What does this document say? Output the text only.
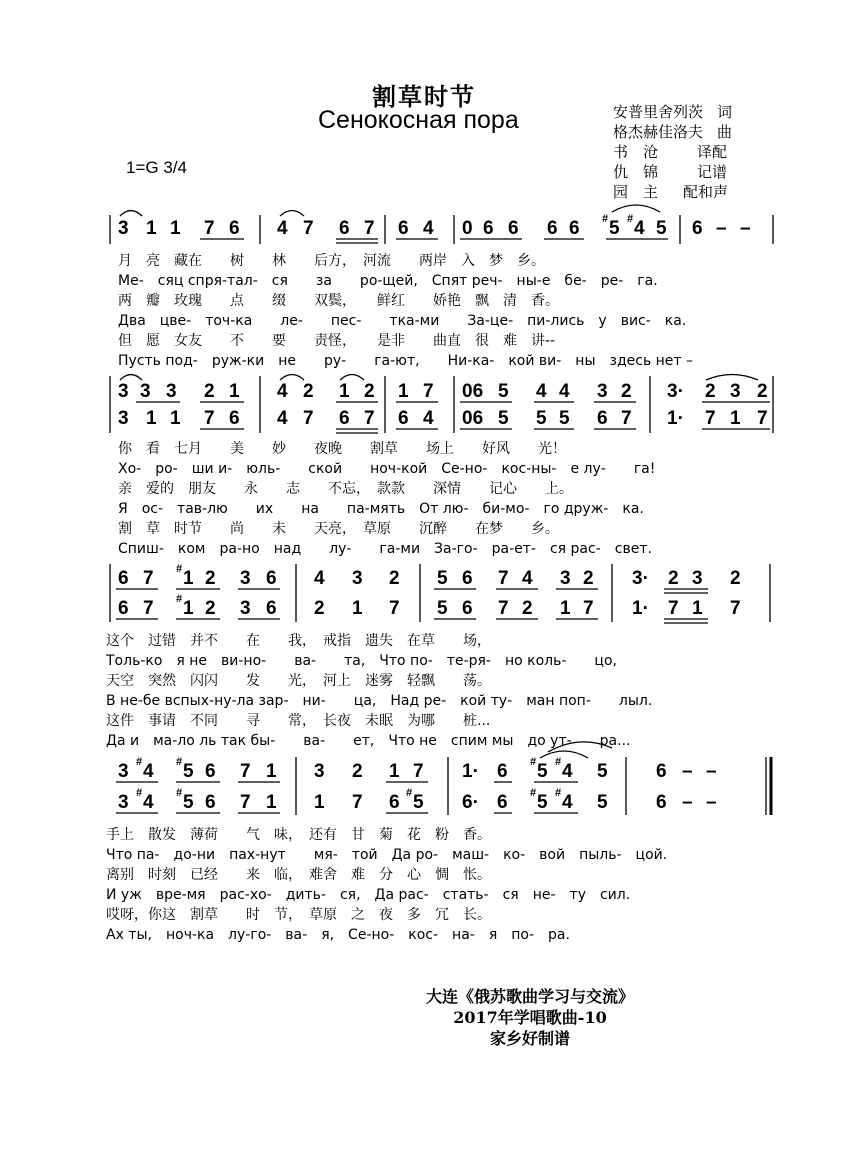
割草时节
Сенокосная пора	安普里舍列茨 词
格杰赫佳洛夫 曲
书　沧	译配
仇　锦	记谱
园　主 配和声
1=G 3/4
3 1 1 7 6 4 7 6 7 6 4 0 6 6 6 6 # 5 # 4 5 6 – –
3 3 3 2 1 4 2 1 2 1 7 06 5 4 4 3 2 3· 2 3 2
3 1 1 7 6 4 7 6 7 6 4 06 5 5 5 6 7 1· 7 1 7
6 7 # 1 2 3 6 4 3 2 5 6 7 4 3 2 3· 2 3 2
6 7 # 1 2 3 6 2 1 7 5 6 7 2 1 7 1· 7 1 7
3 # 4 # 5 6 7 1 3 2 1 7 1· 6 # 5 # 4 5	6 – –
3 # 4 # 5 6 7 1 1 7 6 # 5 6· 6 # 5 # 4 5	6 – –
月　亮　藏在　　树　　林　　后方，　河流　　两岸　入　梦　乡。
Ме-　сяц спря-тал-　ся　　за　　ро-щей,　Спят реч-　ны-е　бе-　ре-　га.
两　瓣　玫瑰　　点　　缀　　双鬓，　　鲜红　　娇艳　飘　清　香。
Два　цве-　точ-ка　　ле-　　пес-　　тка-ми　　За-це-　пи-лись　у　вис-　ка.
但　愿　女友　　不　　要　　责怪，　　是非　　曲直　很　难　讲--
Пусть под-　руж-ки　не　　ру-　　га-ют,　　Ни-ка-　кой ви-　ны　здесь нет –
你　看　七月　　美　　妙　　夜晚　　割草　　场上　　好风　　光！
Хо-　ро-　ши и-　юль-　　ской　　ноч-кой　Се-но-　кос-ны-　е лу-　　га!
亲　爱的　朋友　　永　　志　　不忘，　款款　　深情　　记心　　上。
Я　ос-　тав-лю　　их　　на　　па-мять　От лю-　би-мо-　го друж-　ка.
割　草　时节　　尚　　未　　天亮，　草原　　沉醉　　在梦　　乡。
Спиш-　ком　ра-но　над　　лу-　　га-ми　За-го-　ра-ет-　ся рас-　свет.
这个　过错　并不　　在　　我，　戒指　遗失　在草　　场，
Толь-ко　я не　ви-но-　　ва-　　та,　Что по-　те-ря-　но коль-　　цо,
天空　突然　闪闪　　发　　光，　河上　迷雾　轻飘　　荡。
В не-бе вспых-ну-ла зар-　ни-　　ца,　Над ре-　кой ту-　ман поп-　　лыл.
这件　事请　不同　　寻　　常，　长夜　未眠　为哪　　桩...
Да и　ма-ло ль так бы-　　ва-　　ет,　Что не　спим мы　до ут-　　ра...
手上　散发　薄荷　　气　味，　还有　甘　菊　花　粉　香。
Что па-　до-ни　пах-нут　　мя-　той　Да ро-　маш-　ко-　вой　пыль-　цой.
离别　时刻　已经　　来　临，　难舍　难　分　心　惆　怅。
И уж　вре-мя　рас-хо-　дить-　ся,　Да рас-　стать-　ся　не-　ту　сил.
哎呀，你这　割草　　时　节，　草原　之　夜　多　冗　长。
Ах ты,　ноч-ка　лу-го-　ва-　я,　Се-но-　кос-　на-　я　по-　ра.
大连《俄苏歌曲学习与交流》
2017年学唱歌曲-10
家乡好制谱
